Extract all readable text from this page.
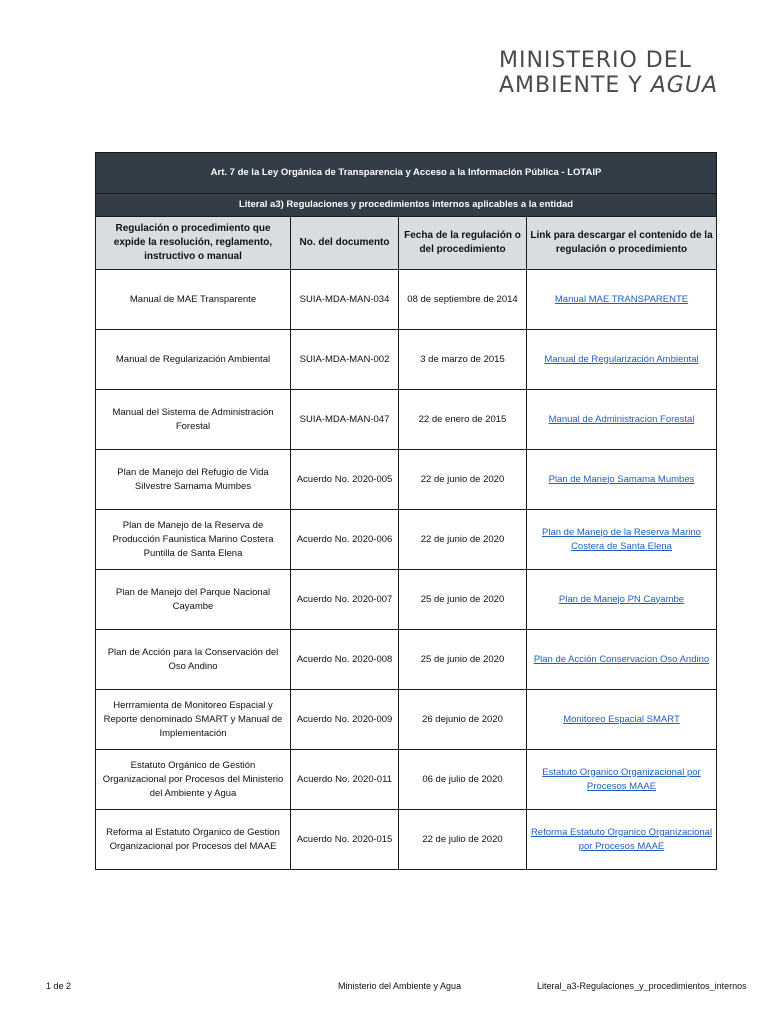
MINISTERIO DEL
AMBIENTE Y AGUA
Art. 7 de la Ley Orgánica de Transparencia y Acceso a la Información Pública - LOTAIP			
Literal a3) Regulaciones y procedimientos internos aplicables a la entidad			
Regulación o procedimiento que expide la resolución, reglamento, instructivo o manual	No. del documento	Fecha de la regulación o del procedimiento	Link para descargar el contenido de la regulación o procedimiento
Manual de MAE Transparente	SUIA-MDA-MAN-034	08 de septiembre de 2014	Manual MAE TRANSPARENTE
Manual de Regularización Ambiental	SUIA-MDA-MAN-002	3 de marzo de 2015	Manual de Regularización Ambiental
Manual del Sistema de Administración Forestal	SUIA-MDA-MAN-047	22 de enero de 2015	Manual de Administracion Forestal
Plan de Manejo del Refugio de Vida Silvestre Samama Mumbes	Acuerdo No. 2020-005	22 de junio de 2020	Plan de Manejo Samama Mumbes
Plan de Manejo de la Reserva de Producción Faunistica Marino Costera Puntilla de Santa Elena	Acuerdo No. 2020-006	22 de junio de 2020	Plan de Manejo de la Reserva Marino Costera de Santa Elena
Plan de Manejo del Parque Nacional Cayambe	Acuerdo No. 2020-007	25 de junio de 2020	Plan de Manejo PN Cayambe
Plan de Acción para la Conservación del Oso Andino	Acuerdo No. 2020-008	25 de junio de 2020	Plan de Acción Conservacion Oso Andino
Herrramienta de Monitoreo Espacial y Reporte denominado SMART y Manual de Implementación	Acuerdo No. 2020-009	26 dejunio de 2020	Monitoreo Espacial SMART
Estatuto Orgánico de Gestión Organizacional por Procesos del Ministerio del Ambiente y Agua	Acuerdo No. 2020-011	06 de julio de 2020	Estatuto Organico Organizacional por Procesos MAAE
Reforma al Estatuto Organico de Gestion Organizacional por Procesos del MAAE	Acuerdo No. 2020-015	22 de julio de 2020	Reforma Estatuto Organico Organizacional por Procesos MAAE
1 de 2	Ministerio del Ambiente y Agua	Literal_a3-Regulaciones_y_procedimientos_internos
